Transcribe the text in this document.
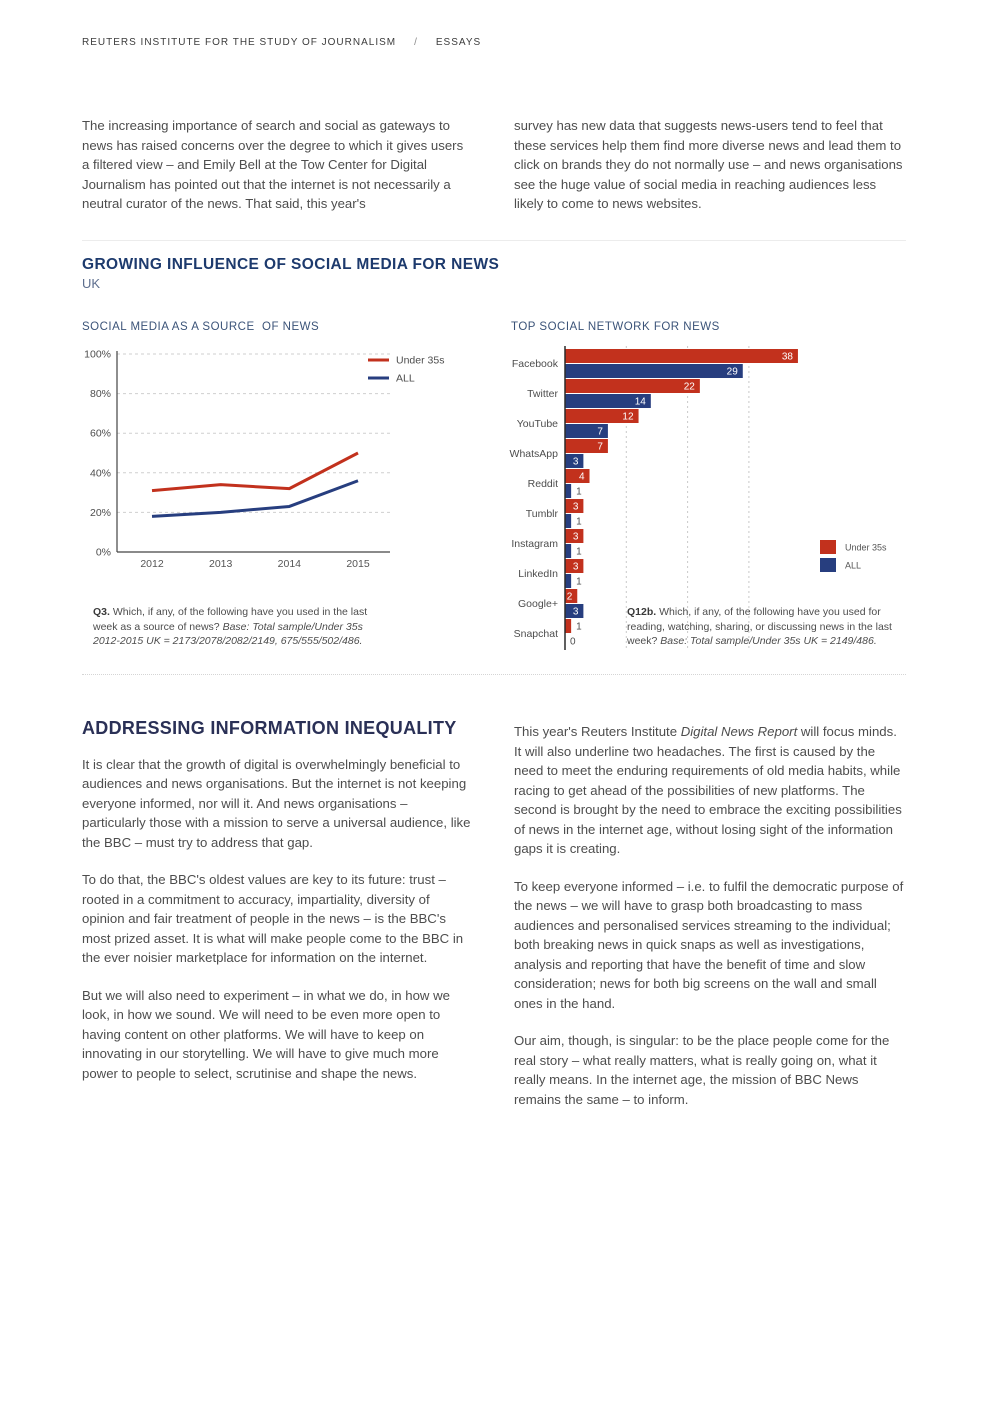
REUTERS INSTITUTE FOR THE STUDY OF JOURNALISM / ESSAYS

The increasing importance of search and social as gateways to news has raised concerns over the degree to which it gives users a filtered view – and Emily Bell at the Tow Center for Digital Journalism has pointed out that the internet is not necessarily a neutral curator of the news. That said, this year's

survey has new data that suggests news-users tend to feel that these services help them find more diverse news and lead them to click on brands they do not normally use – and news organisations see the huge value of social media in reaching audiences less likely to come to news websites.

GROWING INFLUENCE OF SOCIAL MEDIA FOR NEWS
UK
SOCIAL MEDIA AS A SOURCE  OF NEWS	TOP SOCIAL NETWORK FOR NEWS
0%
20%
40%
60%
80%
100%
2012	2013	2014	2015
Under 35s
ALL
Facebook
38
29
Twitter
22
14
YouTube
12
7
WhatsApp
7
3
Reddit
4
1
Tumblr
3
1
Instagram
3
1
LinkedIn
3
1
Google+
2
3
Snapchat
1
0
Under 35s
ALL

Q3. Which, if any, of the following have you used in the last week as a source of news? Base: Total sample/Under 35s 2012-2015 UK = 2173/2078/2082/2149, 675/555/502/486.

Q12b. Which, if any, of the following have you used for reading, watching, sharing, or discussing news in the last week? Base: Total sample/Under 35s UK = 2149/486.

ADDRESSING INFORMATION INEQUALITY

It is clear that the growth of digital is overwhelmingly beneficial to audiences and news organisations. But the internet is not keeping everyone informed, nor will it. And news organisations – particularly those with a mission to serve a universal audience, like the BBC – must try to address that gap.

To do that, the BBC's oldest values are key to its future: trust – rooted in a commitment to accuracy, impartiality, diversity of opinion and fair treatment of people in the news – is the BBC's most prized asset. It is what will make people come to the BBC in the ever noisier marketplace for information on the internet.

But we will also need to experiment – in what we do, in how we look, in how we sound. We will need to be even more open to having content on other platforms. We will have to keep on innovating in our storytelling. We will have to give much more power to people to select, scrutinise and shape the news.

This year's Reuters Institute Digital News Report will focus minds. It will also underline two headaches. The first is caused by the need to meet the enduring requirements of old media habits, while racing to get ahead of the possibilities of new platforms. The second is brought by the need to embrace the exciting possibilities of news in the internet age, without losing sight of the information gaps it is creating.

To keep everyone informed – i.e. to fulfil the democratic purpose of the news – we will have to grasp both broadcasting to mass audiences and personalised services streaming to the individual; both breaking news in quick snaps as well as investigations, analysis and reporting that have the benefit of time and slow consideration; news for both big screens on the wall and small ones in the hand.

Our aim, though, is singular: to be the place people come for the real story – what really matters, what is really going on, what it really means. In the internet age, the mission of BBC News remains the same – to inform.
